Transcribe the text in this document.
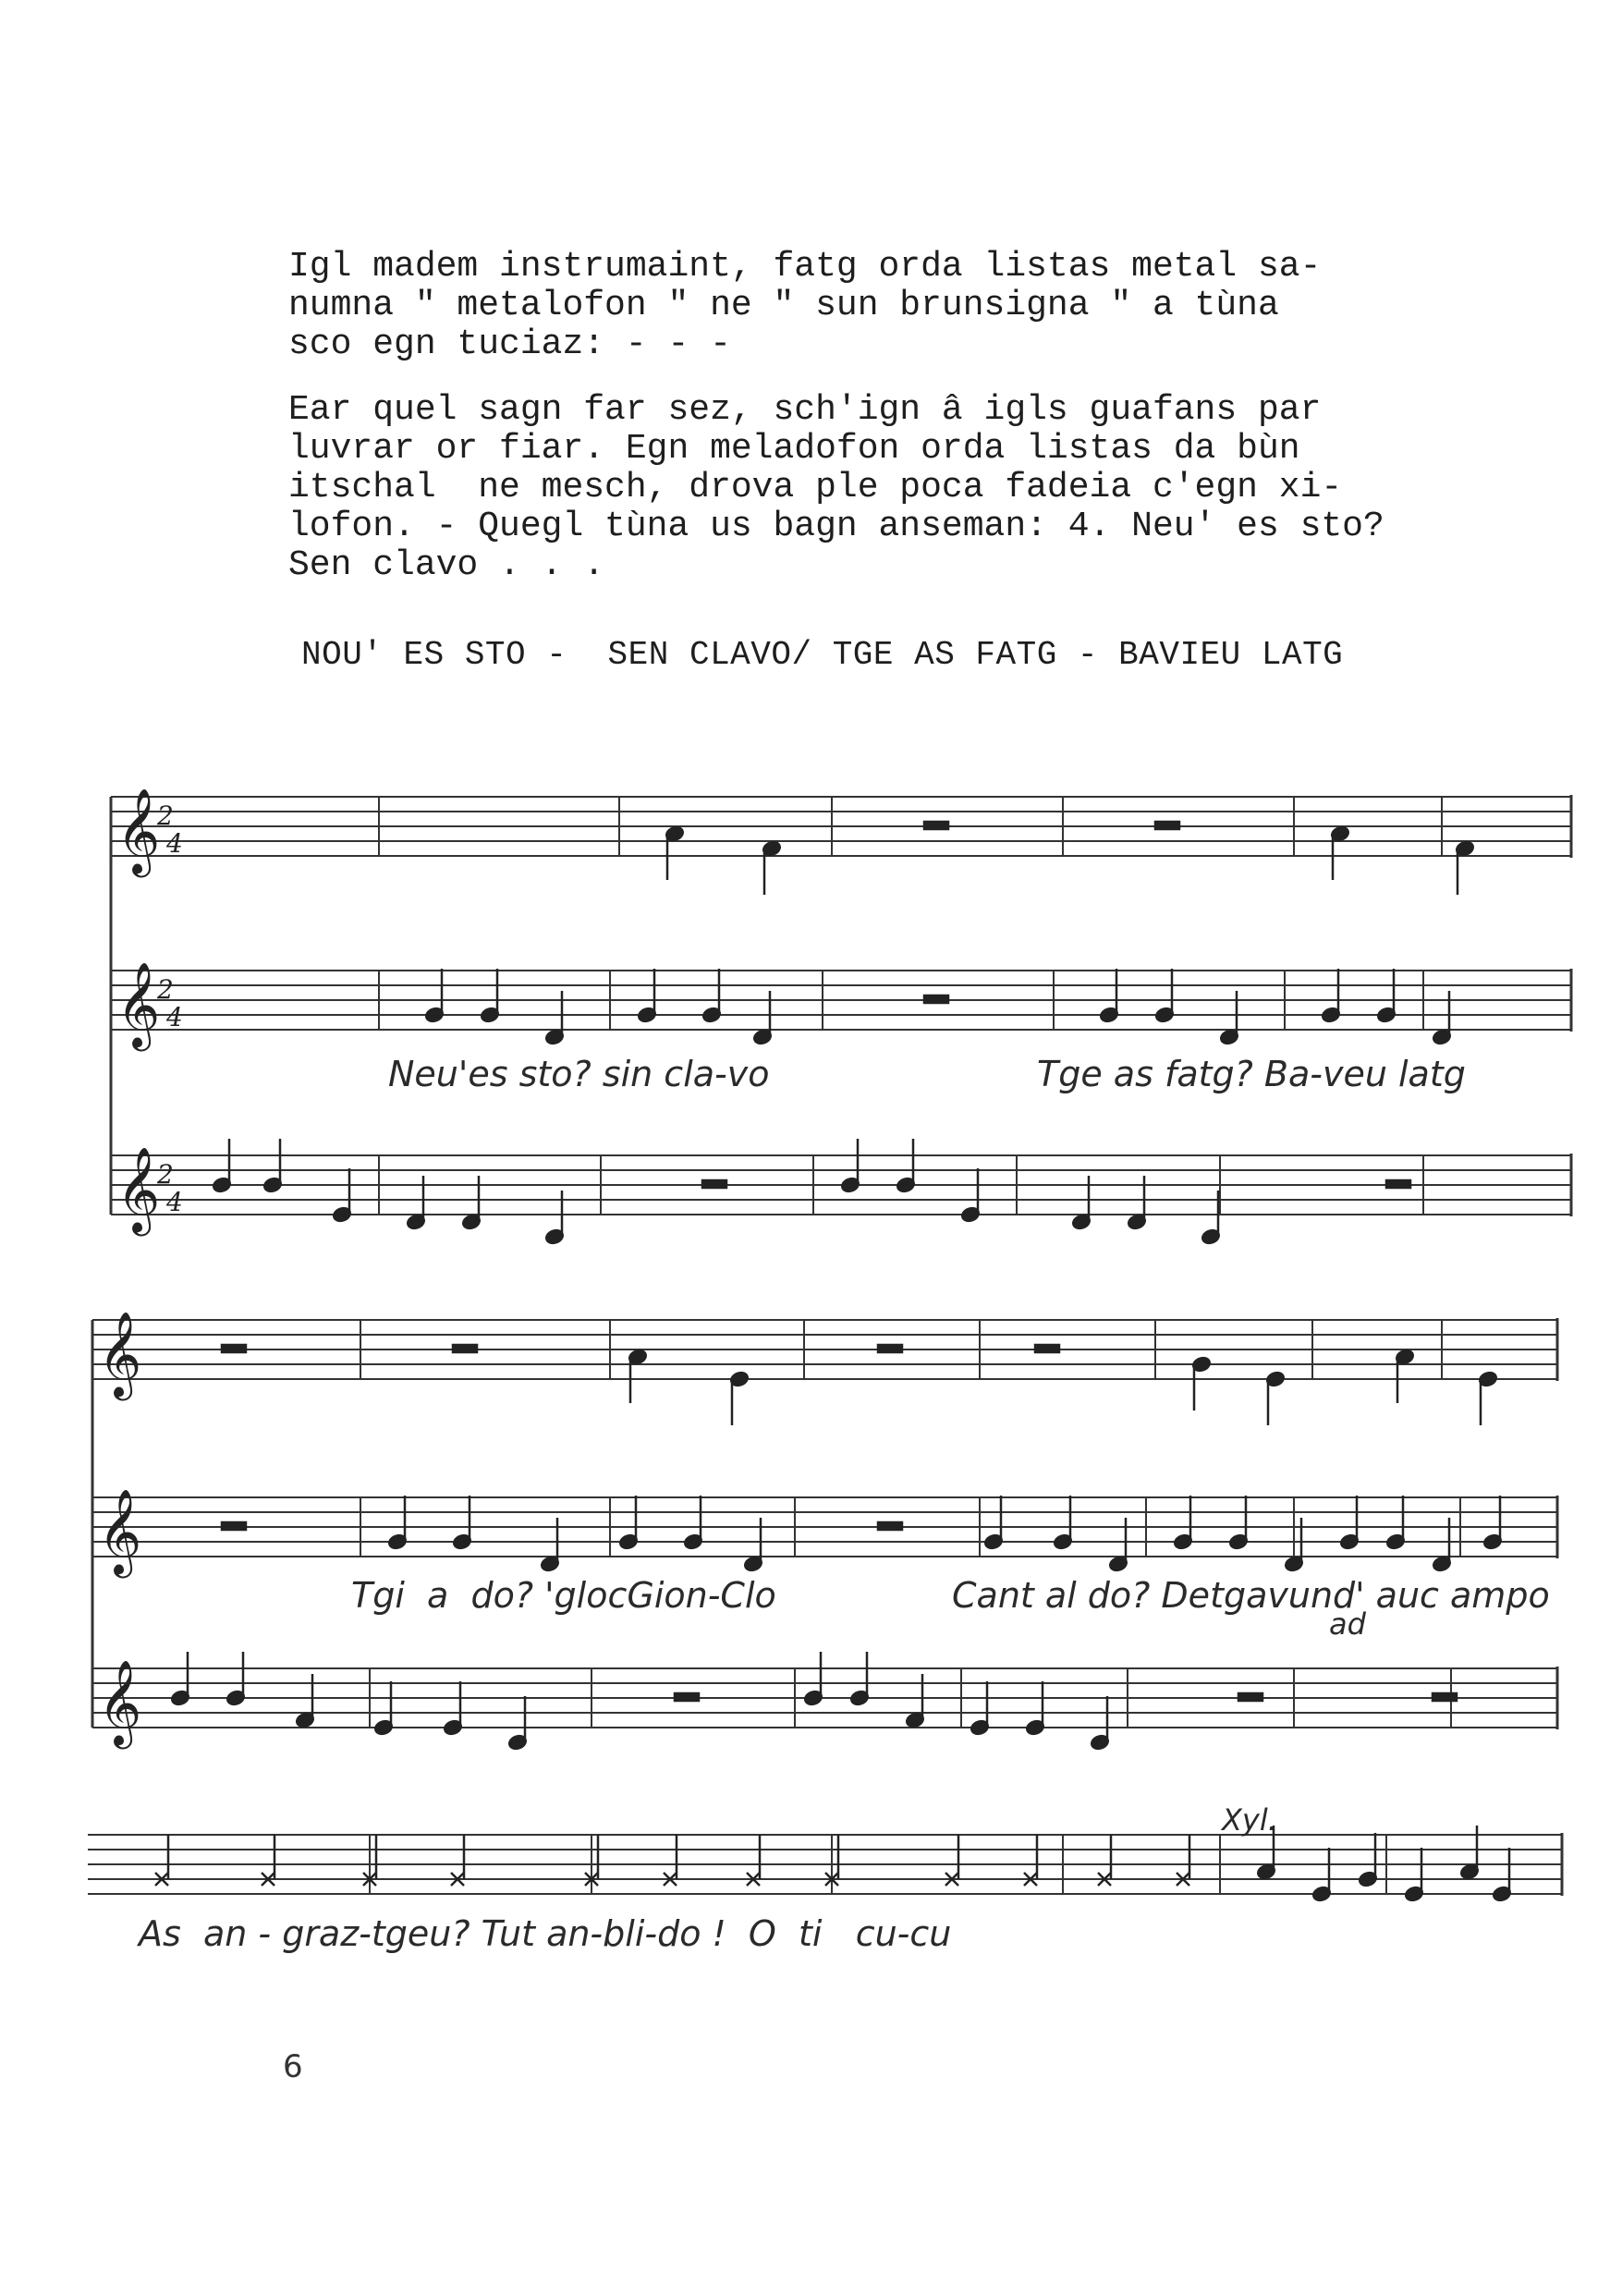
Igl madem instrumaint, fatg orda listas metal sa-
numna " metalofon " ne " sun brunsigna " a tùna
sco egn tuciaz: - - -
Ear quel sagn far sez, sch'ign â igls guafans par
luvrar or fiar. Egn meladofon orda listas da bùn
itschal  ne mesch, drova ple poca fadeia c'egn xi-
lofon. - Quegl tùna us bagn anseman: 4. Neu' es sto?
Sen clavo . . .
NOU' ES STO -  SEN CLAVO/ TGE AS FATG - BAVIEU LATG
𝄞
2
4
𝄞
2
4
𝄞
2
4
𝄞
𝄞
𝄞
Neu'es sto? sin cla-vo	Tge as fatg? Ba-veu latg
Tgi  a  do? 'glocGion-Clo	Cant al do? Detgavund' auc ampo
ad
As  an - graz-tgeu? Tut an-bli-do !  O  ti   cu-cu
Xyl.
6
